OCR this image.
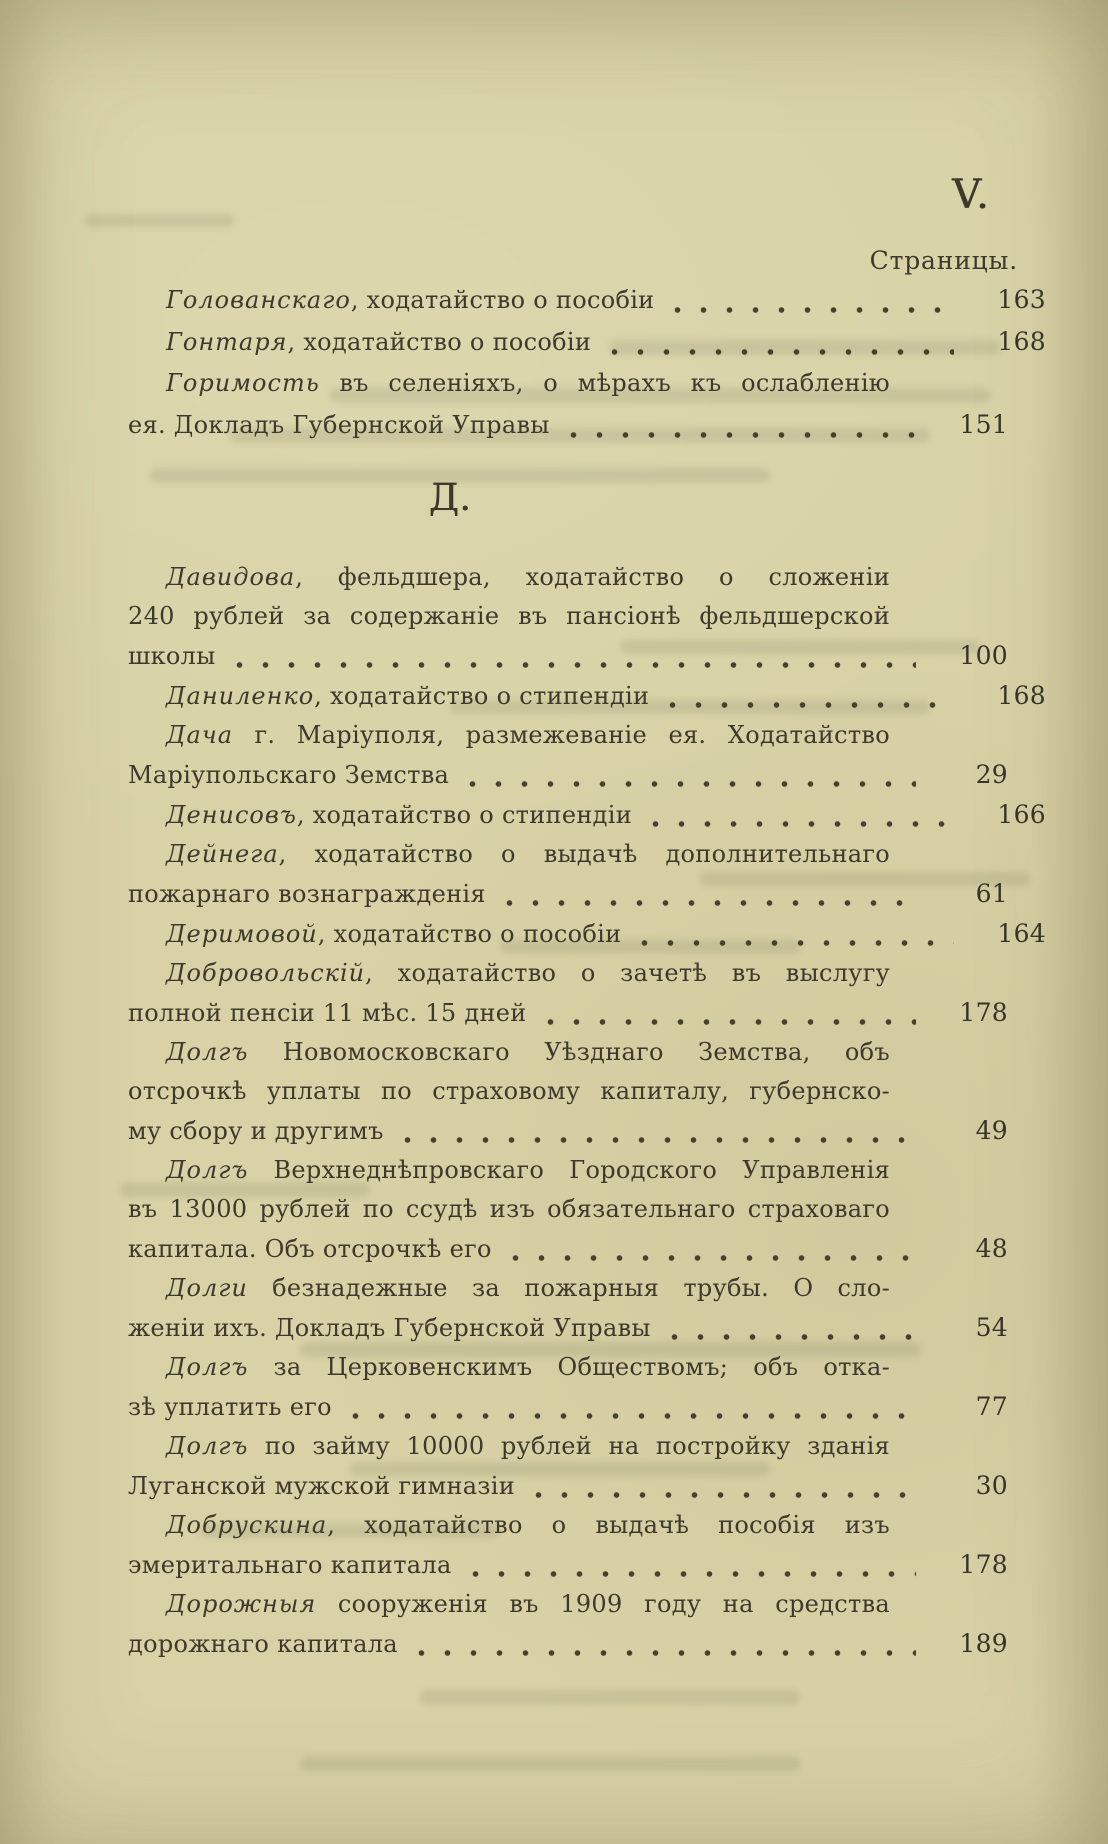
V.
Страницы.
Голованскаго , ходатайство о пособіи	163
Гонтаря , ходатайство о пособіи	168
Горимость въ селеніяхъ, о мѣрахъ къ ослабленію
ея. Докладъ Губернской Управы	151
Д.
Давидова, фельдшера, ходатайство о сложеніи
240 рублей за содержаніе въ пансіонѣ фельдшерской
школы	100
Даниленко , ходатайство о стипендіи	168
Дача г. Маріуполя, размежеваніе ея. Ходатайство
Маріупольскаго Земства	29
Денисовъ , ходатайство о стипендіи	166
Дейнега, ходатайство о выдачѣ дополнительнаго
пожарнаго вознагражденія	61
Деримовой , ходатайство о пособіи	164
Добровольскій, ходатайство о зачетѣ въ выслугу
полной пенсіи 11 мѣс. 15 дней	178
Долгъ Новомосковскаго Уѣзднаго Земства, объ
отсрочкѣ уплаты по страховому капиталу, губернско-
му сбору и другимъ	49
Долгъ Верхнеднѣпровскаго Городского Управленія
въ 13000 рублей по ссудѣ изъ обязательнаго страховаго
капитала. Объ отсрочкѣ его	48
Долги безнадежные за пожарныя трубы. О сло-
женіи ихъ. Докладъ Губернской Управы	54
Долгъ за Церковенскимъ Обществомъ; объ отка-
зѣ уплатить его	77
Долгъ по займу 10000 рублей на постройку зданія
Луганской мужской гимназіи	30
Добрускина, ходатайство о выдачѣ пособія изъ
эмеритальнаго капитала	178
Дорожныя сооруженія въ 1909 году на средства
дорожнаго капитала	189
